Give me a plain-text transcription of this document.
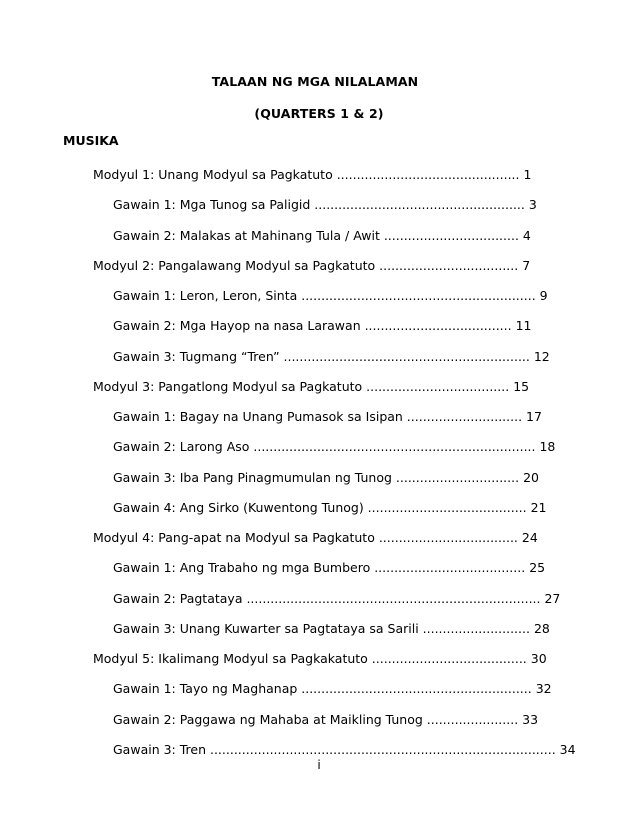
TALAAN NG MGA NILALAMAN
(QUARTERS 1 & 2)
MUSIKA
Modyul 1: Unang Modyul sa Pagkatuto .............................................. 1
Gawain 1: Mga Tunog sa Paligid ..................................................... 3
Gawain 2: Malakas at Mahinang Tula / Awit .................................. 4
Modyul 2: Pangalawang Modyul sa Pagkatuto ................................... 7
Gawain 1: Leron, Leron, Sinta ........................................................... 9
Gawain 2: Mga Hayop na nasa Larawan ..................................... 11
Gawain 3: Tugmang “Tren” .............................................................. 12
Modyul 3: Pangatlong Modyul sa Pagkatuto .................................... 15
Gawain 1: Bagay na Unang Pumasok sa Isipan ............................. 17
Gawain 2: Larong Aso ....................................................................... 18
Gawain 3: Iba Pang Pinagmumulan ng Tunog ............................... 20
Gawain 4: Ang Sirko (Kuwentong Tunog) ........................................ 21
Modyul 4: Pang-apat na Modyul sa Pagkatuto ................................... 24
Gawain 1: Ang Trabaho ng mga Bumbero ...................................... 25
Gawain 2: Pagtataya .......................................................................... 27
Gawain 3: Unang Kuwarter sa Pagtataya sa Sarili ........................... 28
Modyul 5: Ikalimang Modyul sa Pagkakatuto ....................................... 30
Gawain 1: Tayo ng Maghanap .......................................................... 32
Gawain 2: Paggawa ng Mahaba at Maikling Tunog ....................... 33
Gawain 3: Tren ....................................................................................... 34
i
